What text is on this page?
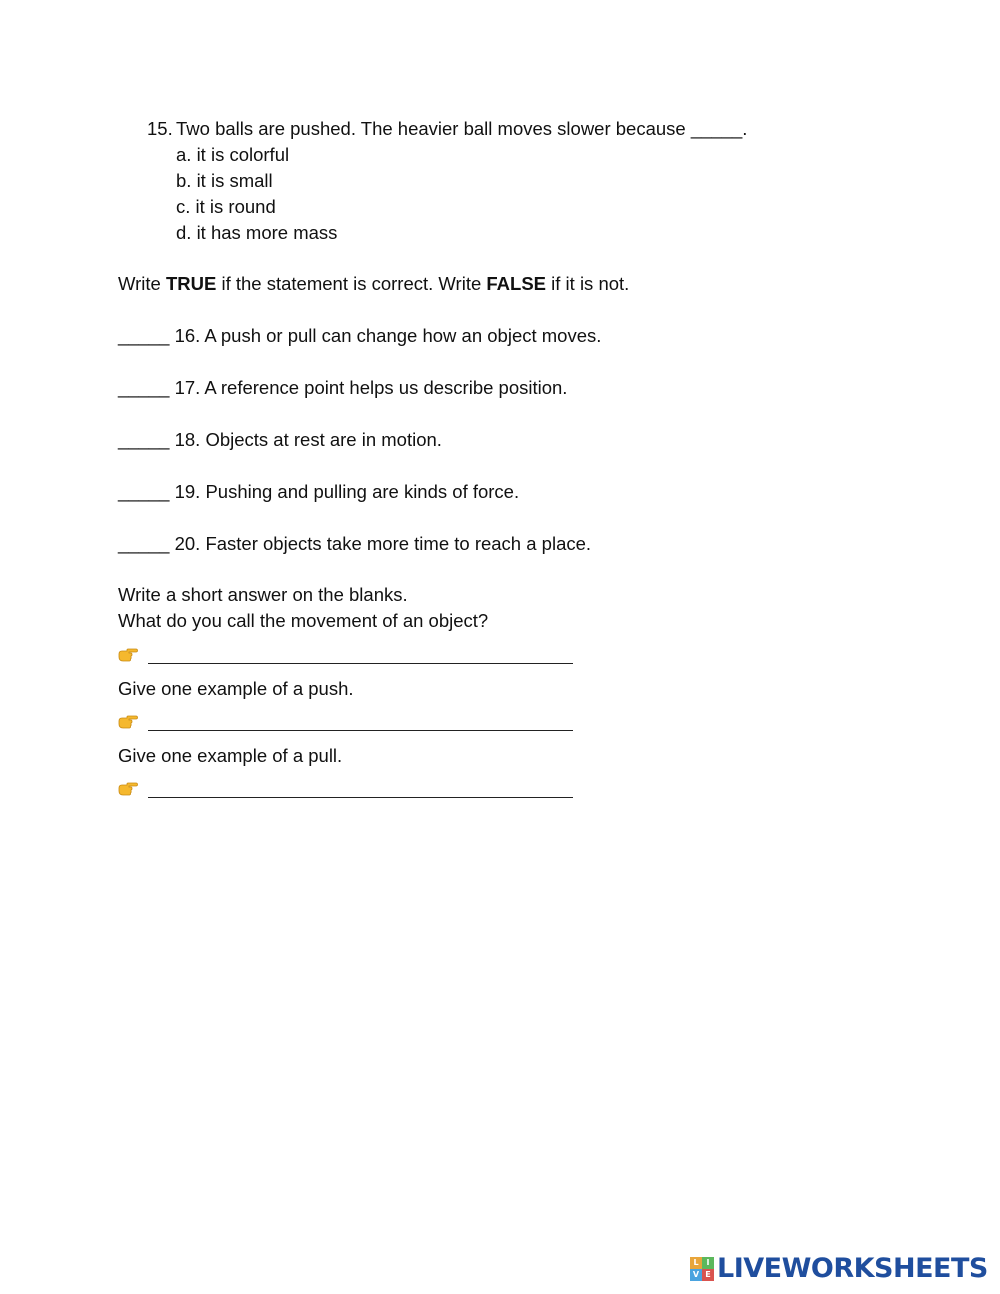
15. Two balls are pushed. The heavier ball moves slower because _____.
a. it is colorful
b. it is small
c. it is round
d. it has more mass
Write TRUE if the statement is correct. Write FALSE if it is not.
_____ 16. A push or pull can change how an object moves.
_____ 17. A reference point helps us describe position.
_____ 18. Objects at rest are in motion.
_____ 19. Pushing and pulling are kinds of force.
_____ 20. Faster objects take more time to reach a place.
Write a short answer on the blanks.
What do you call the movement of an object?
Give one example of a push.
Give one example of a pull.
L I
V E LIVEWORKSHEETS
